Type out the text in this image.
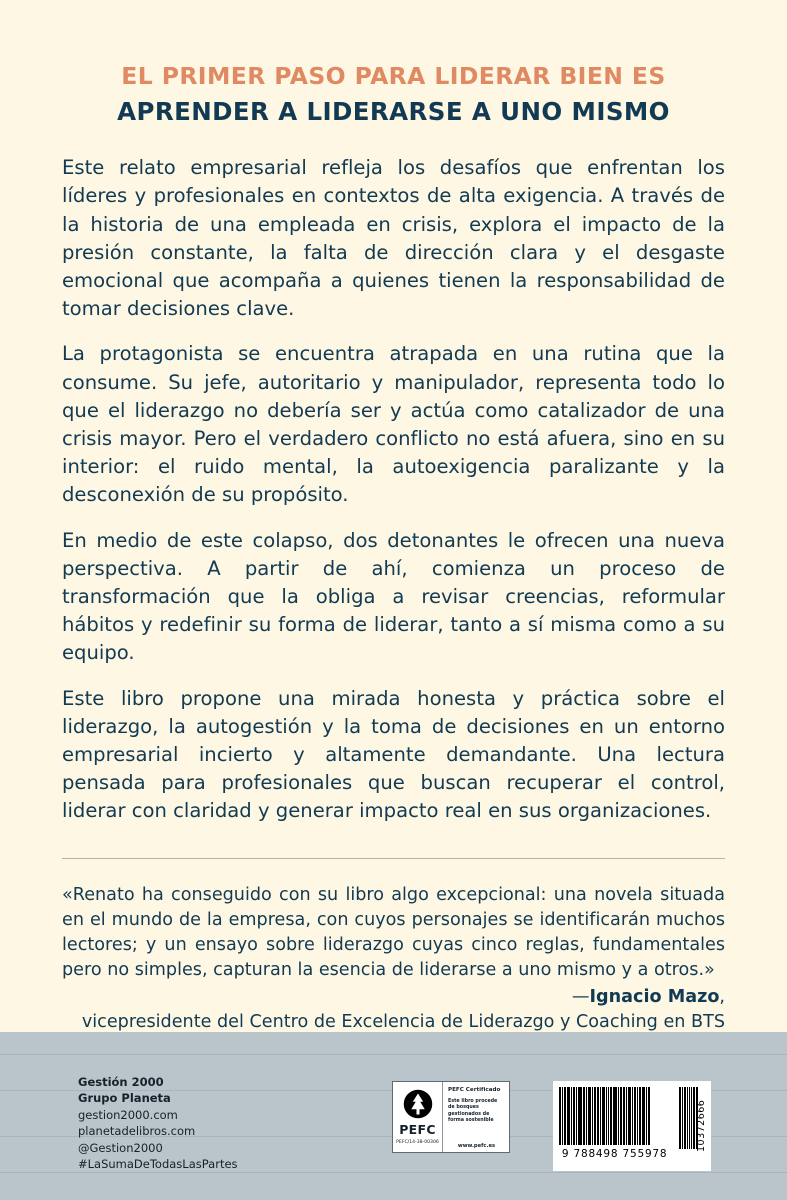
EL PRIMER PASO PARA LIDERAR BIEN ES
APRENDER A LIDERARSE A UNO MISMO

Este relato empresarial refleja los desafíos que enfrentan los líderes y profesionales en contextos de alta exigencia. A través de la historia de una empleada en crisis, explora el impacto de la presión constante, la falta de dirección clara y el desgaste emocional que acompaña a quienes tienen la responsabilidad de tomar decisiones clave.

La protagonista se encuentra atrapada en una rutina que la consume. Su jefe, autoritario y manipulador, representa todo lo que el liderazgo no debería ser y actúa como catalizador de una crisis mayor. Pero el verdadero conflicto no está afuera, sino en su interior: el ruido mental, la autoexigencia paralizante y la desconexión de su propósito.

En medio de este colapso, dos detonantes le ofrecen una nueva perspectiva. A partir de ahí, comienza un proceso de transformación que la obliga a revisar creencias, reformular hábitos y redefinir su forma de liderar, tanto a sí misma como a su equipo.

Este libro propone una mirada honesta y práctica sobre el liderazgo, la autogestión y la toma de decisiones en un entorno empresarial incierto y altamente demandante. Una lectura pensada para profesionales que buscan recuperar el control, liderar con claridad y generar impacto real en sus organizaciones.

«Renato ha conseguido con su libro algo excepcional: una novela situada en el mundo de la empresa, con cuyos personajes se identificarán muchos lectores; y un ensayo sobre liderazgo cuyas cinco reglas, fundamentales pero no simples, capturan la esencia de liderarse a uno mismo y a otros.»

—Ignacio Mazo,
vicepresidente del Centro de Excelencia de Liderazgo y Coaching en BTS

Gestión 2000
Grupo Planeta
gestion2000.com
planetadelibros.com
@Gestion2000
#LaSumaDeTodasLasPartes
PEFC
PEFC/14-38-00306
PEFC Certificado
Este libro procede de bosques gestionados de forma sostenible
www.pefc.es
9 788498 755978
10372666
